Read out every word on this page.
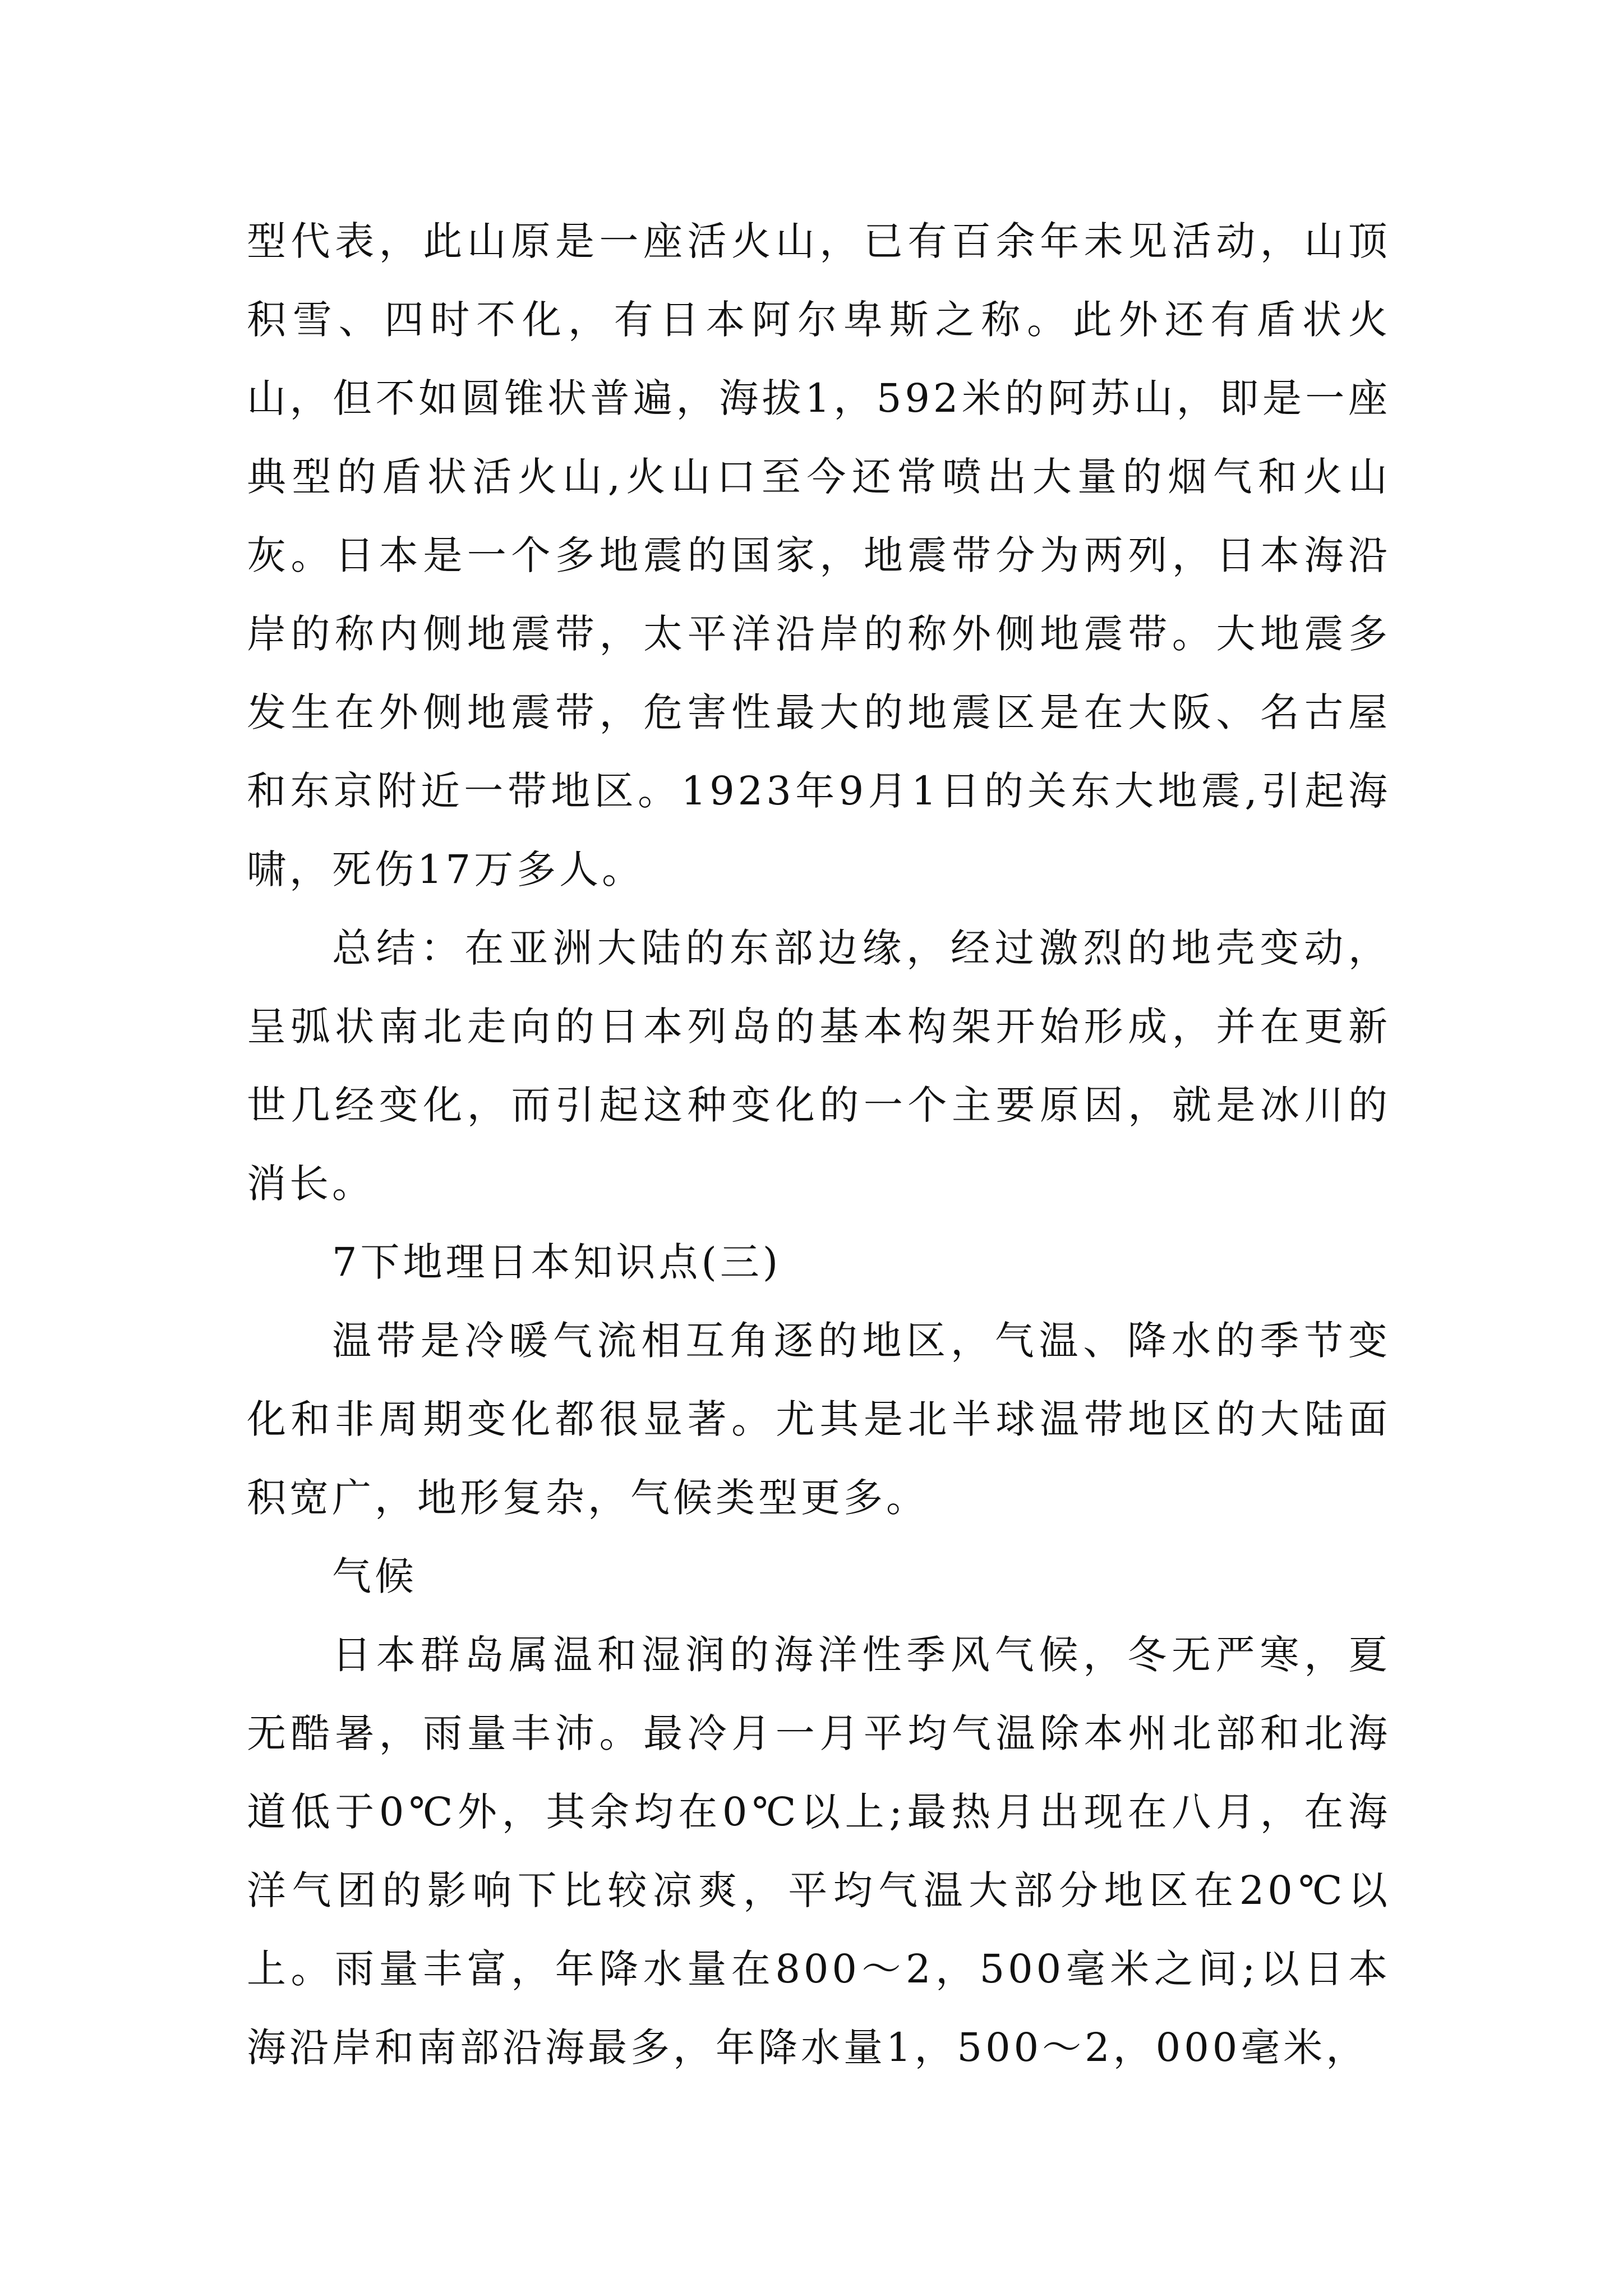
型代表，此山原是一座活火山，已有百余年未见活动，山顶积雪、四时不化，有日本阿尔卑斯之称。此外还有盾状火山，但不如圆锥状普遍，海拔1，592米的阿苏山，即是一座典型的盾状活火山,火山口至今还常喷出大量的烟气和火山灰。日本是一个多地震的国家，地震带分为两列，日本海沿岸的称内侧地震带，太平洋沿岸的称外侧地震带。大地震多发生在外侧地震带，危害性最大的地震区是在大阪、名古屋和东京附近一带地区。1923年9月1日的关东大地震,引起海啸，死伤17万多人。

总结：在亚洲大陆的东部边缘，经过激烈的地壳变动，呈弧状南北走向的日本列岛的基本构架开始形成，并在更新世几经变化，而引起这种变化的一个主要原因，就是冰川的消长。

7下地理日本知识点(三)

温带是冷暖气流相互角逐的地区，气温、降水的季节变化和非周期变化都很显著。尤其是北半球温带地区的大陆面积宽广，地形复杂，气候类型更多。

气候

日本群岛属温和湿润的海洋性季风气候，冬无严寒，夏无酷暑，雨量丰沛。最冷月一月平均气温除本州北部和北海道低于0℃外，其余均在0℃以上;最热月出现在八月，在海洋气团的影响下比较凉爽，平均气温大部分地区在20℃以上。雨量丰富，年降水量在800～2，500毫米之间;以日本海沿岸和南部沿海最多，年降水量1，500～2，000毫米，
